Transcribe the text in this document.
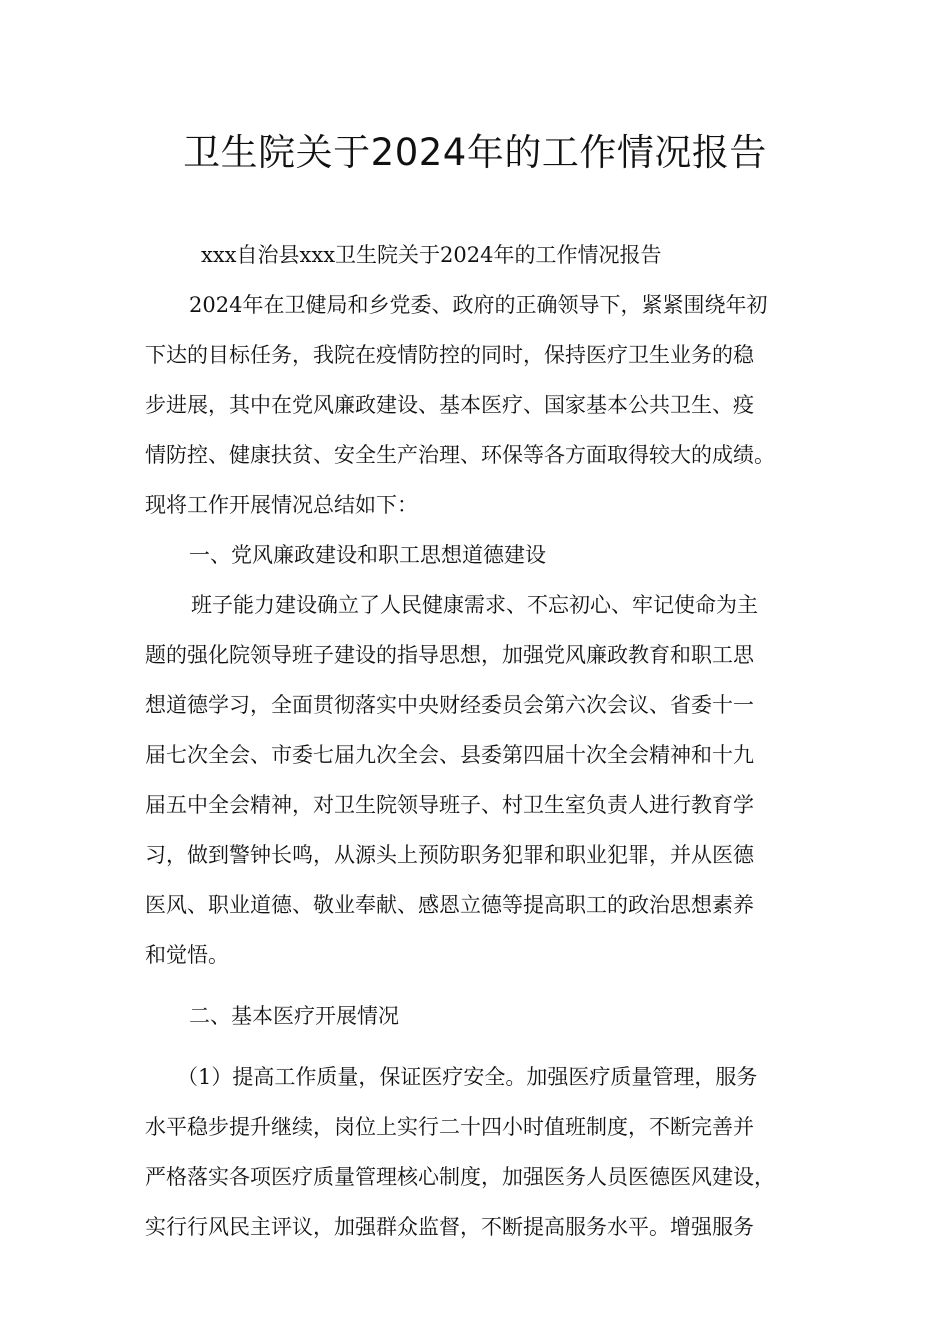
卫生院关于2024年的工作情况报告
xxx自治县xxx卫生院关于2024年的工作情况报告
2024年在卫健局和乡党委、政府的正确领导下，紧紧围绕年初
下达的目标任务，我院在疫情防控的同时，保持医疗卫生业务的稳
步进展，其中在党风廉政建设、基本医疗、国家基本公共卫生、疫
情防控、健康扶贫、安全生产治理、环保等各方面取得较大的成绩。
现将工作开展情况总结如下：
一、党风廉政建设和职工思想道德建设
班子能力建设确立了人民健康需求、不忘初心、牢记使命为主
题的强化院领导班子建设的指导思想，加强党风廉政教育和职工思
想道德学习，全面贯彻落实中央财经委员会第六次会议、省委十一
届七次全会、市委七届九次全会、县委第四届十次全会精神和十九
届五中全会精神，对卫生院领导班子、村卫生室负责人进行教育学
习，做到警钟长鸣，从源头上预防职务犯罪和职业犯罪，并从医德
医风、职业道德、敬业奉献、感恩立德等提高职工的政治思想素养
和觉悟。
二、基本医疗开展情况
（1）提高工作质量，保证医疗安全。加强医疗质量管理，服务
水平稳步提升继续，岗位上实行二十四小时值班制度，不断完善并
严格落实各项医疗质量管理核心制度，加强医务人员医德医风建设，
实行行风民主评议，加强群众监督，不断提高服务水平。增强服务
